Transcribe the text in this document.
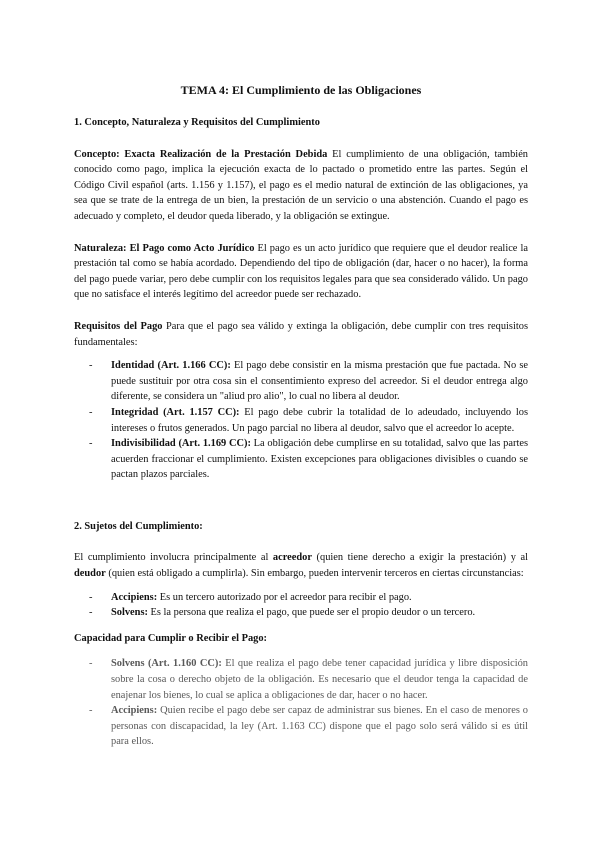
TEMA 4: El Cumplimiento de las Obligaciones
1. Concepto, Naturaleza y Requisitos del Cumplimiento

Concepto: Exacta Realización de la Prestación Debida El cumplimiento de una obligación, también conocido como pago, implica la ejecución exacta de lo pactado o prometido entre las partes. Según el Código Civil español (arts. 1.156 y 1.157), el pago es el medio natural de extinción de las obligaciones, ya sea que se trate de la entrega de un bien, la prestación de un servicio o una abstención. Cuando el pago es adecuado y completo, el deudor queda liberado, y la obligación se extingue.

Naturaleza: El Pago como Acto Jurídico El pago es un acto jurídico que requiere que el deudor realice la prestación tal como se había acordado. Dependiendo del tipo de obligación (dar, hacer o no hacer), la forma del pago puede variar, pero debe cumplir con los requisitos legales para que sea considerado válido. Un pago que no satisface el interés legítimo del acreedor puede ser rechazado.

Requisitos del Pago Para que el pago sea válido y extinga la obligación, debe cumplir con tres requisitos fundamentales:

- Identidad (Art. 1.166 CC): El pago debe consistir en la misma prestación que fue pactada. No se puede sustituir por otra cosa sin el consentimiento expreso del acreedor. Si el deudor entrega algo diferente, se considera un "aliud pro alio", lo cual no libera al deudor.
- Integridad (Art. 1.157 CC): El pago debe cubrir la totalidad de lo adeudado, incluyendo los intereses o frutos generados. Un pago parcial no libera al deudor, salvo que el acreedor lo acepte.
- Indivisibilidad (Art. 1.169 CC): La obligación debe cumplirse en su totalidad, salvo que las partes acuerden fraccionar el cumplimiento. Existen excepciones para obligaciones divisibles o cuando se pactan plazos parciales.
2. Sujetos del Cumplimiento:

El cumplimiento involucra principalmente al acreedor (quien tiene derecho a exigir la prestación) y al deudor (quien está obligado a cumplirla). Sin embargo, pueden intervenir terceros en ciertas circunstancias:

- Accipiens: Es un tercero autorizado por el acreedor para recibir el pago.
- Solvens: Es la persona que realiza el pago, que puede ser el propio deudor o un tercero.
Capacidad para Cumplir o Recibir el Pago:
- Solvens (Art. 1.160 CC): El que realiza el pago debe tener capacidad jurídica y libre disposición sobre la cosa o derecho objeto de la obligación. Es necesario que el deudor tenga la capacidad de enajenar los bienes, lo cual se aplica a obligaciones de dar, hacer o no hacer.
- Accipiens: Quien recibe el pago debe ser capaz de administrar sus bienes. En el caso de menores o personas con discapacidad, la ley (Art. 1.163 CC) dispone que el pago solo será válido si es útil para ellos.
